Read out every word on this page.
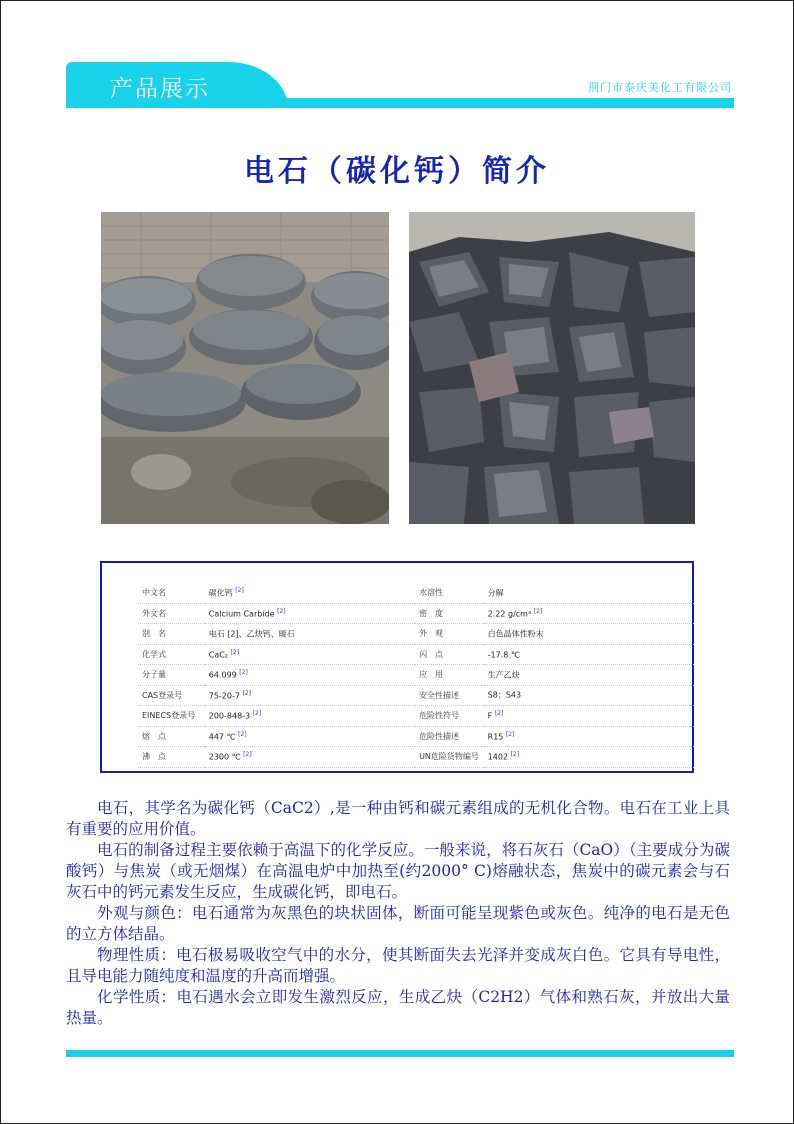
产品展示	荆门市泰庆美化工有限公司
电石（碳化钙）简介
中文名	碳化钙 [2]	水溶性	分解
外文名	Calcium Carbide [2]	密　度	2.22 g/cm³ [2]
别　名	电石 [2]、乙炔钙、暖石	外　观	白色晶体性粉末
化学式	CaC₂ [2]	闪　点	-17.8 ℃
分子量	64.099 [2]	应　用	生产乙炔
CAS登录号	75-20-7 [2]	安全性描述	S8；S43
EINECS登录号	200-848-3 [2]	危险性符号	F [2]
熔　点	447 ℃ [2]	危险性描述	R15 [2]
沸　点	2300 ℃ [2]	UN危险货物编号	1402 [2]

电石，其学名为碳化钙（CaC2）,是一种由钙和碳元素组成的无机化合物。电石在工业上具有重要的应用价值。

电石的制备过程主要依赖于高温下的化学反应。一般来说，将石灰石（CaO）（主要成分为碳酸钙）与焦炭（或无烟煤）在高温电炉中加热至(约2000° C)熔融状态，焦炭中的碳元素会与石灰石中的钙元素发生反应，生成碳化钙，即电石。

外观与颜色：电石通常为灰黑色的块状固体，断面可能呈现紫色或灰色。纯净的电石是无色的立方体结晶。

物理性质：电石极易吸收空气中的水分，使其断面失去光泽并变成灰白色。它具有导电性，且导电能力随纯度和温度的升高而增强。

化学性质：电石遇水会立即发生激烈反应，生成乙炔（C2H2）气体和熟石灰，并放出大量热量。
